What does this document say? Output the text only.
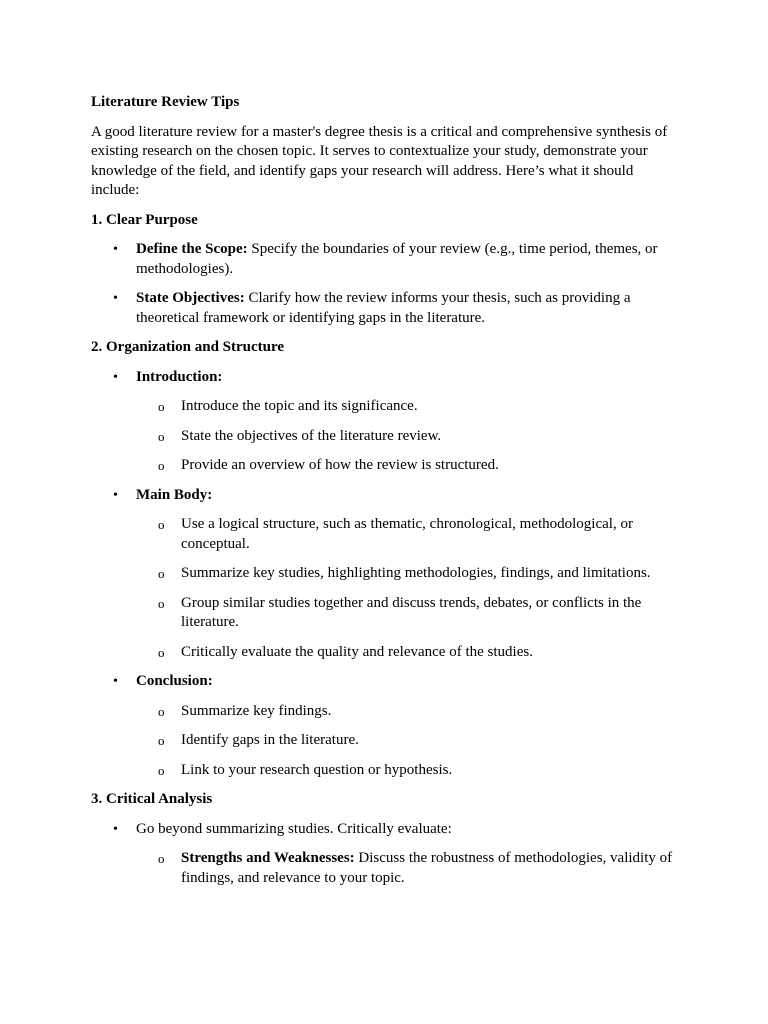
Literature Review Tips
A good literature review for a master's degree thesis is a critical and comprehensive synthesis of existing research on the chosen topic. It serves to contextualize your study, demonstrate your knowledge of the field, and identify gaps your research will address. Here’s what it should include:
1. Clear Purpose
• Define the Scope: Specify the boundaries of your review (e.g., time period, themes, or methodologies).
• State Objectives: Clarify how the review informs your thesis, such as providing a theoretical framework or identifying gaps in the literature.
2. Organization and Structure
• Introduction:
o Introduce the topic and its significance.
o State the objectives of the literature review.
o Provide an overview of how the review is structured.
• Main Body:
o Use a logical structure, such as thematic, chronological, methodological, or conceptual.
o Summarize key studies, highlighting methodologies, findings, and limitations.
o Group similar studies together and discuss trends, debates, or conflicts in the literature.
o Critically evaluate the quality and relevance of the studies.
• Conclusion:
o Summarize key findings.
o Identify gaps in the literature.
o Link to your research question or hypothesis.
3. Critical Analysis
• Go beyond summarizing studies. Critically evaluate:
o Strengths and Weaknesses: Discuss the robustness of methodologies, validity of findings, and relevance to your topic.
